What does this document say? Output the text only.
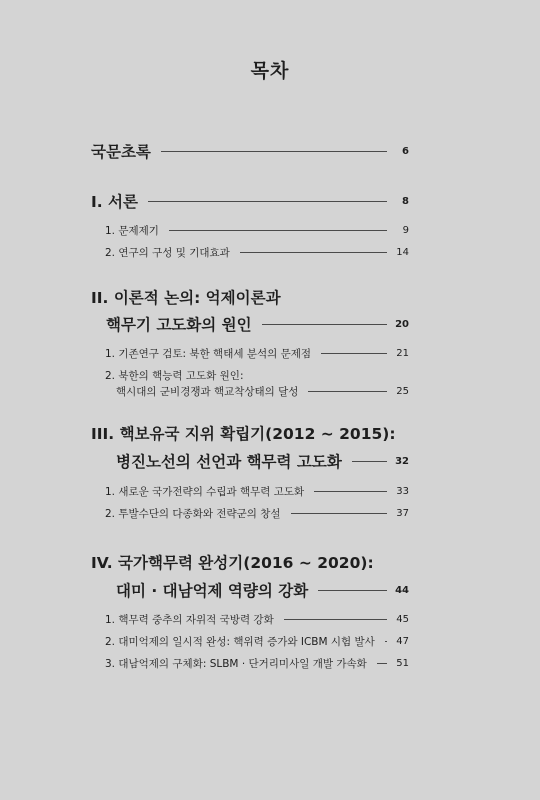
목차
국문초록	6
I. 서론	8
1. 문제제기	9
2. 연구의 구성 및 기대효과	14
II. 이론적 논의: 억제이론과
핵무기 고도화의 원인	20
1. 기존연구 검토: 북한 핵태세 분석의 문제점	21
2. 북한의 핵능력 고도화 원인:
핵시대의 군비경쟁과 핵교착상태의 달성	25
III. 핵보유국 지위 확립기(2012 ~ 2015):
병진노선의 선언과 핵무력 고도화	32
1. 새로운 국가전략의 수립과 핵무력 고도화	33
2. 투발수단의 다종화와 전략군의 창설	37
IV. 국가핵무력 완성기(2016 ~ 2020):
대미 · 대남억제 역량의 강화	44
1. 핵무력 중추의 자위적 국방력 강화	45
2. 대미억제의 일시적 완성: 핵위력 증가와 ICBM 시험 발사 47
3. 대남억제의 구체화: SLBM · 단거리미사일 개발 가속화	51
